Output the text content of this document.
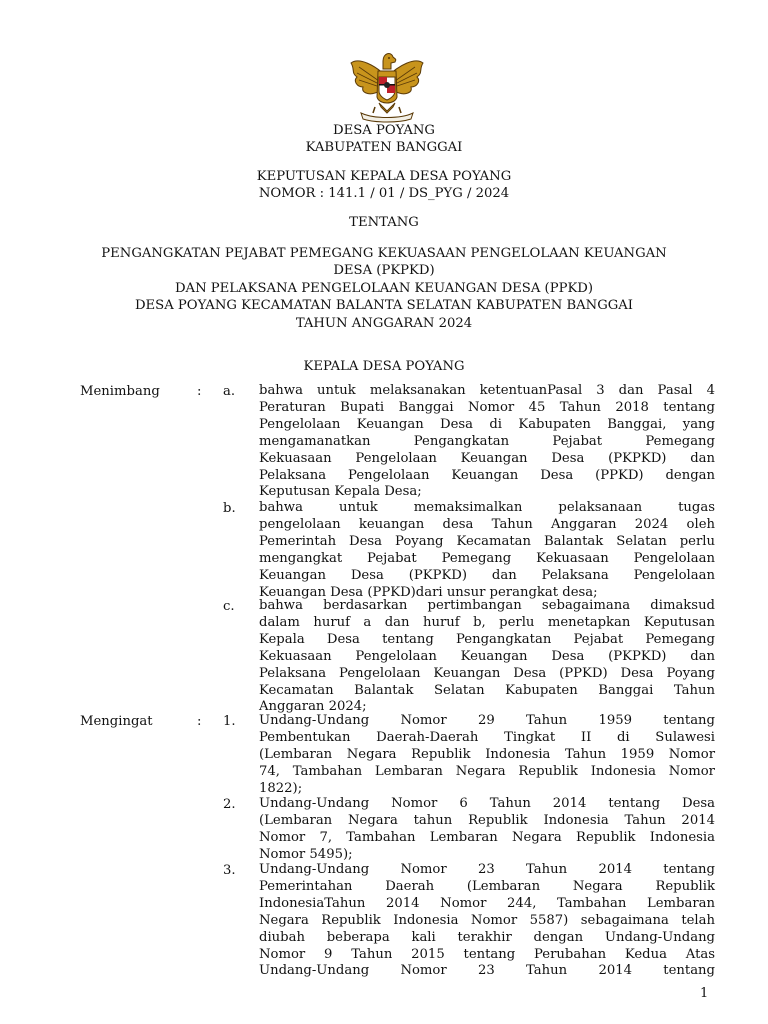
DESA POYANG
KABUPATEN BANGGAI
KEPUTUSAN KEPALA DESA POYANG
NOMOR : 141.1 / 01 / DS_PYG / 2024
TENTANG
PENGANGKATAN PEJABAT PEMEGANG KEKUASAAN PENGELOLAAN KEUANGAN
DESA (PKPKD)
DAN PELAKSANA PENGELOLAAN KEUANGAN DESA (PPKD)
DESA POYANG KECAMATAN BALANTA SELATAN KABUPATEN BANGGAI
TAHUN ANGGARAN 2024
KEPALA DESA POYANG
Menimbang	: a. bahwa untuk melaksanakan ketentuanPasal 3 dan Pasal 4
Peraturan Bupati Banggai Nomor 45 Tahun 2018 tentang
Pengelolaan Keuangan Desa di Kabupaten Banggai, yang
mengamanatkan Pengangkatan Pejabat Pemegang
Kekuasaan Pengelolaan Keuangan Desa (PKPKD) dan
Pelaksana Pengelolaan Keuangan Desa (PPKD) dengan
Keputusan Kepala Desa;
b. bahwa untuk memaksimalkan pelaksanaan tugas
pengelolaan keuangan desa Tahun Anggaran 2024 oleh
Pemerintah Desa Poyang Kecamatan Balantak Selatan perlu
mengangkat Pejabat Pemegang Kekuasaan Pengelolaan
Keuangan Desa (PKPKD) dan Pelaksana Pengelolaan
Keuangan Desa (PPKD)dari unsur perangkat desa;
c. bahwa berdasarkan pertimbangan sebagaimana dimaksud
dalam huruf a dan huruf b, perlu menetapkan Keputusan
Kepala Desa tentang Pengangkatan Pejabat Pemegang
Kekuasaan Pengelolaan Keuangan Desa (PKPKD) dan
Pelaksana Pengelolaan Keuangan Desa (PPKD) Desa Poyang
Kecamatan Balantak Selatan Kabupaten Banggai Tahun
Anggaran 2024;
Mengingat	: 1. Undang-Undang Nomor 29 Tahun 1959 tentang
Pembentukan Daerah-Daerah Tingkat II di Sulawesi
(Lembaran Negara Republik Indonesia Tahun 1959 Nomor
74, Tambahan Lembaran Negara Republik Indonesia Nomor
1822);
2. Undang-Undang Nomor 6 Tahun 2014 tentang Desa
(Lembaran Negara tahun Republik Indonesia Tahun 2014
Nomor 7, Tambahan Lembaran Negara Republik Indonesia
Nomor 5495);
3. Undang-Undang Nomor 23 Tahun 2014 tentang
Pemerintahan Daerah (Lembaran Negara Republik
IndonesiaTahun 2014 Nomor 244, Tambahan Lembaran
Negara Republik Indonesia Nomor 5587) sebagaimana telah
diubah beberapa kali terakhir dengan Undang-Undang
Nomor 9 Tahun 2015 tentang Perubahan Kedua Atas
Undang-Undang Nomor 23 Tahun 2014 tentang
1
